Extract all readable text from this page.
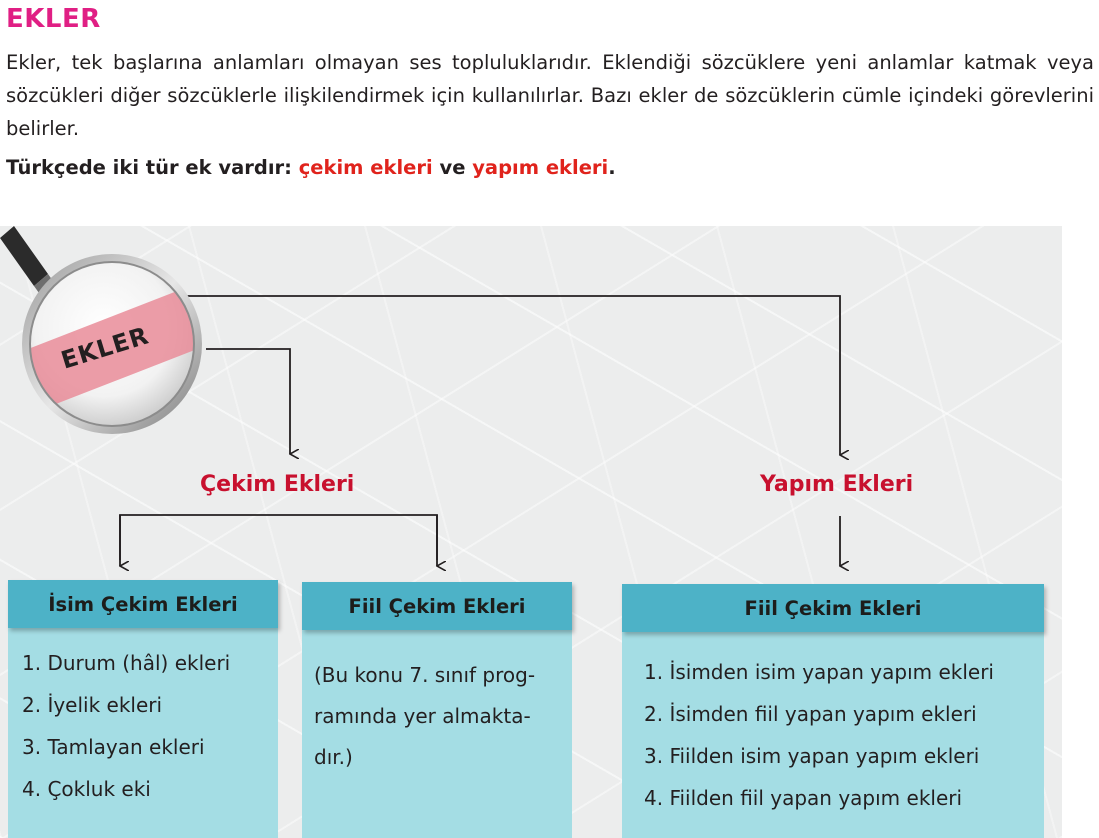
EKLER

Ekler, tek başlarına anlamları olmayan ses topluluklarıdır. Eklendiği sözcüklere yeni anlamlar katmak veya sözcükleri diğer sözcüklerle ilişkilendirmek için kullanılırlar. Bazı ekler de sözcüklerin cümle içindeki görevlerini belirler.

Türkçede iki tür ek vardır: çekim ekleri ve yapım ekleri.

EKLER
Çekim Ekleri	Yapım Ekleri
1. Durum (hâl) ekleri
2. İyelik ekleri
3. Tamlayan ekleri
4. Çokluk eki
İsim Çekim Ekleri

(Bu konu 7. sınıf prog-

ramında yer almakta-

dır.)

Fiil Çekim Ekleri
1. İsimden isim yapan yapım ekleri
2. İsimden fiil yapan yapım ekleri
3. Fiilden isim yapan yapım ekleri
4. Fiilden fiil yapan yapım ekleri
Fiil Çekim Ekleri
